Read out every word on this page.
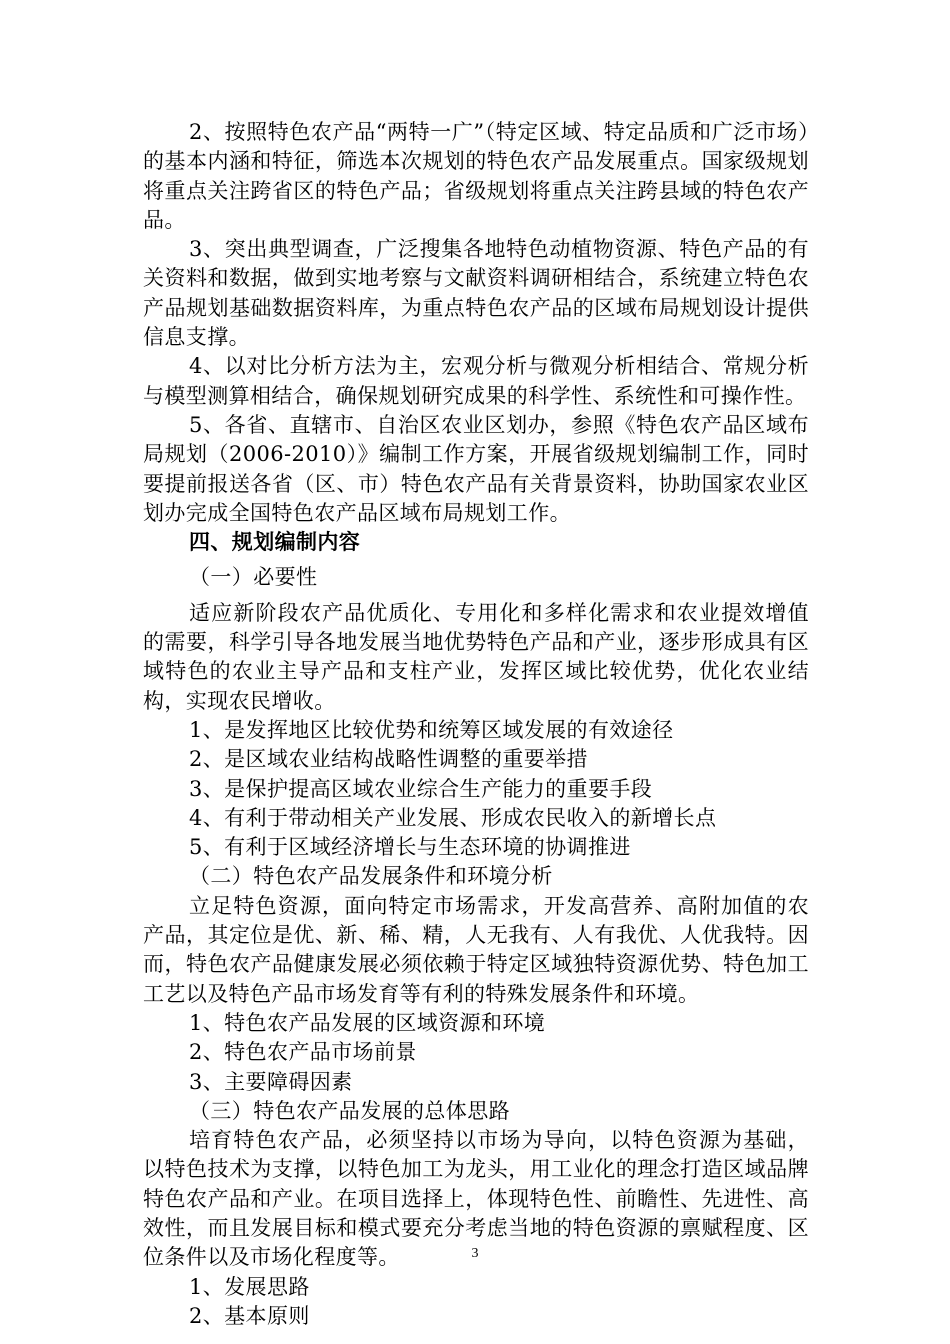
2、按照特色农产品“两特一广”（特定区域、特定品质和广泛市场）的基本内涵和特征，筛选本次规划的特色农产品发展重点。国家级规划将重点关注跨省区的特色产品；省级规划将重点关注跨县域的特色农产品。

3、突出典型调查，广泛搜集各地特色动植物资源、特色产品的有关资料和数据，做到实地考察与文献资料调研相结合，系统建立特色农产品规划基础数据资料库，为重点特色农产品的区域布局规划设计提供信息支撑。

4、以对比分析方法为主，宏观分析与微观分析相结合、常规分析与模型测算相结合，确保规划研究成果的科学性、系统性和可操作性。

5、各省、直辖市、自治区农业区划办，参照《特色农产品区域布局规划（2006-2010）》编制工作方案，开展省级规划编制工作，同时要提前报送各省（区、市）特色农产品有关背景资料，协助国家农业区划办完成全国特色农产品区域布局规划工作。

四、规划编制内容

（一）必要性

适应新阶段农产品优质化、专用化和多样化需求和农业提效增值的需要，科学引导各地发展当地优势特色产品和产业，逐步形成具有区域特色的农业主导产品和支柱产业，发挥区域比较优势，优化农业结构，实现农民增收。

1、是发挥地区比较优势和统筹区域发展的有效途径

2、是区域农业结构战略性调整的重要举措

3、是保护提高区域农业综合生产能力的重要手段

4、有利于带动相关产业发展、形成农民收入的新增长点

5、有利于区域经济增长与生态环境的协调推进

（二）特色农产品发展条件和环境分析

立足特色资源，面向特定市场需求，开发高营养、高附加值的农产品，其定位是优、新、稀、精，人无我有、人有我优、人优我特。因而，特色农产品健康发展必须依赖于特定区域独特资源优势、特色加工工艺以及特色产品市场发育等有利的特殊发展条件和环境。

1、特色农产品发展的区域资源和环境

2、特色农产品市场前景

3、主要障碍因素

（三）特色农产品发展的总体思路

培育特色农产品，必须坚持以市场为导向，以特色资源为基础，以特色技术为支撑，以特色加工为龙头，用工业化的理念打造区域品牌特色农产品和产业。在项目选择上，体现特色性、前瞻性、先进性、高效性，而且发展目标和模式要充分考虑当地的特色资源的禀赋程度、区位条件以及市场化程度等。

1、发展思路

2、基本原则

3
